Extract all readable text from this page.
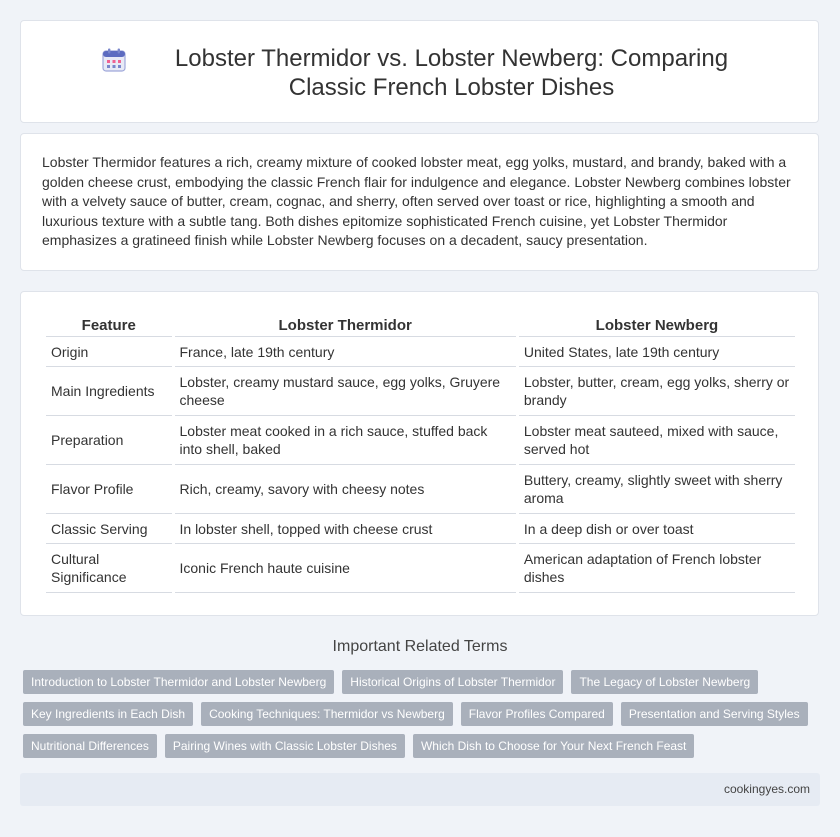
Lobster Thermidor vs. Lobster Newberg: Comparing Classic French Lobster Dishes
Lobster Thermidor features a rich, creamy mixture of cooked lobster meat, egg yolks, mustard, and brandy, baked with a golden cheese crust, embodying the classic French flair for indulgence and elegance. Lobster Newberg combines lobster with a velvety sauce of butter, cream, cognac, and sherry, often served over toast or rice, highlighting a smooth and luxurious texture with a subtle tang. Both dishes epitomize sophisticated French cuisine, yet Lobster Thermidor emphasizes a gratineed finish while Lobster Newberg focuses on a decadent, saucy presentation.
Feature	Lobster Thermidor	Lobster Newberg
Origin	France, late 19th century	United States, late 19th century
Main Ingredients	Lobster, creamy mustard sauce, egg yolks, Gruyere cheese	Lobster, butter, cream, egg yolks, sherry or brandy
Preparation	Lobster meat cooked in a rich sauce, stuffed back into shell, baked	Lobster meat sauteed, mixed with sauce, served hot
Flavor Profile	Rich, creamy, savory with cheesy notes	Buttery, creamy, slightly sweet with sherry aroma
Classic Serving	In lobster shell, topped with cheese crust	In a deep dish or over toast
Cultural Significance	Iconic French haute cuisine	American adaptation of French lobster dishes
Important Related Terms
Introduction to Lobster Thermidor and Lobster Newberg	Historical Origins of Lobster Thermidor	The Legacy of Lobster Newberg
Key Ingredients in Each Dish	Cooking Techniques: Thermidor vs Newberg	Flavor Profiles Compared	Presentation and Serving Styles
Nutritional Differences	Pairing Wines with Classic Lobster Dishes	Which Dish to Choose for Your Next French Feast
cookingyes.com
